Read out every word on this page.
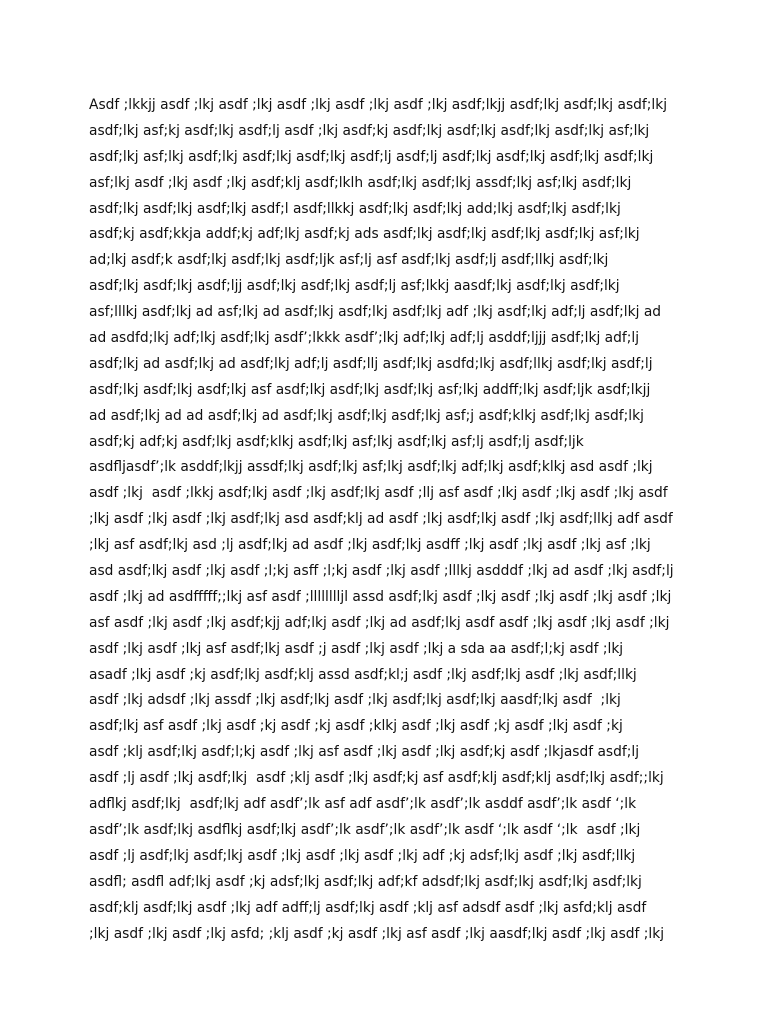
Asdf ;lkkjj asdf ;lkj asdf ;lkj asdf ;lkj asdf ;lkj asdf ;lkj asdf;lkjj asdf;lkj asdf;lkj asdf;lkj
asdf;lkj asf;kj asdf;lkj asdf;lj asdf ;lkj asdf;kj asdf;lkj asdf;lkj asdf;lkj asdf;lkj asf;lkj
asdf;lkj asf;lkj asdf;lkj asdf;lkj asdf;lkj asdf;lj asdf;lj asdf;lkj asdf;lkj asdf;lkj asdf;lkj
asf;lkj asdf ;lkj asdf ;lkj asdf;klj asdf;lklh asdf;lkj asdf;lkj assdf;lkj asf;lkj asdf;lkj
asdf;lkj asdf;lkj asdf;lkj asdf;l asdf;llkkj asdf;lkj asdf;lkj add;lkj asdf;lkj asdf;lkj
asdf;kj asdf;kkja addf;kj adf;lkj asdf;kj ads asdf;lkj asdf;lkj asdf;lkj asdf;lkj asf;lkj
ad;lkj asdf;k asdf;lkj asdf;lkj asdf;ljk asf;lj asf asdf;lkj asdf;lj asdf;llkj asdf;lkj
asdf;lkj asdf;lkj asdf;ljj asdf;lkj asdf;lkj asdf;lj asf;lkkj aasdf;lkj asdf;lkj asdf;lkj
asf;lllkj asdf;lkj ad asf;lkj ad asdf;lkj asdf;lkj asdf;lkj adf ;lkj asdf;lkj adf;lj asdf;lkj ad
ad asdfd;lkj adf;lkj asdf;lkj asdf’;lkkk asdf’;lkj adf;lkj adf;lj asddf;ljjj asdf;lkj adf;lj
asdf;lkj ad asdf;lkj ad asdf;lkj adf;lj asdf;llj asdf;lkj asdfd;lkj asdf;llkj asdf;lkj asdf;lj
asdf;lkj asdf;lkj asdf;lkj asf asdf;lkj asdf;lkj asdf;lkj asf;lkj addff;lkj asdf;ljk asdf;lkjj
ad asdf;lkj ad ad asdf;lkj ad asdf;lkj asdf;lkj asdf;lkj asf;j asdf;klkj asdf;lkj asdf;lkj
asdf;kj adf;kj asdf;lkj asdf;klkj asdf;lkj asf;lkj asdf;lkj asf;lj asdf;lj asdf;ljk
asdfljasdf’;lk asddf;lkjj assdf;lkj asdf;lkj asf;lkj asdf;lkj adf;lkj asdf;klkj asd asdf ;lkj
asdf ;lkj  asdf ;lkkj asdf;lkj asdf ;lkj asdf;lkj asdf ;llj asf asdf ;lkj asdf ;lkj asdf ;lkj asdf
;lkj asdf ;lkj asdf ;lkj asdf;lkj asd asdf;klj ad asdf ;lkj asdf;lkj asdf ;lkj asdf;llkj adf asdf
;lkj asf asdf;lkj asd ;lj asdf;lkj ad asdf ;lkj asdf;lkj asdff ;lkj asdf ;lkj asdf ;lkj asf ;lkj
asd asdf;lkj asdf ;lkj asdf ;l;kj asff ;l;kj asdf ;lkj asdf ;lllkj asdddf ;lkj ad asdf ;lkj asdf;lj
asdf ;lkj ad asdfffff;;lkj asf asdf ;lllllllljl assd asdf;lkj asdf ;lkj asdf ;lkj asdf ;lkj asdf ;lkj
asf asdf ;lkj asdf ;lkj asdf;kjj adf;lkj asdf ;lkj ad asdf;lkj asdf asdf ;lkj asdf ;lkj asdf ;lkj
asdf ;lkj asdf ;lkj asf asdf;lkj asdf ;j asdf ;lkj asdf ;lkj a sda aa asdf;l;kj asdf ;lkj
asadf ;lkj asdf ;kj asdf;lkj asdf;klj assd asdf;kl;j asdf ;lkj asdf;lkj asdf ;lkj asdf;llkj
asdf ;lkj adsdf ;lkj assdf ;lkj asdf;lkj asdf ;lkj asdf;lkj asdf;lkj aasdf;lkj asdf  ;lkj
asdf;lkj asf asdf ;lkj asdf ;kj asdf ;kj asdf ;klkj asdf ;lkj asdf ;kj asdf ;lkj asdf ;kj
asdf ;klj asdf;lkj asdf;l;kj asdf ;lkj asf asdf ;lkj asdf ;lkj asdf;kj asdf ;lkjasdf asdf;lj
asdf ;lj asdf ;lkj asdf;lkj  asdf ;klj asdf ;lkj asdf;kj asf asdf;klj asdf;klj asdf;lkj asdf;;lkj
adflkj asdf;lkj  asdf;lkj adf asdf’;lk asf adf asdf’;lk asdf’;lk asddf asdf’;lk asdf ‘;lk
asdf’;lk asdf;lkj asdflkj asdf;lkj asdf’;lk asdf’;lk asdf’;lk asdf ‘;lk asdf ‘;lk  asdf ;lkj
asdf ;lj asdf;lkj asdf;lkj asdf ;lkj asdf ;lkj asdf ;lkj adf ;kj adsf;lkj asdf ;lkj asdf;llkj
asdfl; asdfl adf;lkj asdf ;kj adsf;lkj asdf;lkj adf;kf adsdf;lkj asdf;lkj asdf;lkj asdf;lkj
asdf;klj asdf;lkj asdf ;lkj adf adff;lj asdf;lkj asdf ;klj asf adsdf asdf ;lkj asfd;klj asdf
;lkj asdf ;lkj asdf ;lkj asfd; ;klj asdf ;kj asdf ;lkj asf asdf ;lkj aasdf;lkj asdf ;lkj asdf ;lkj
